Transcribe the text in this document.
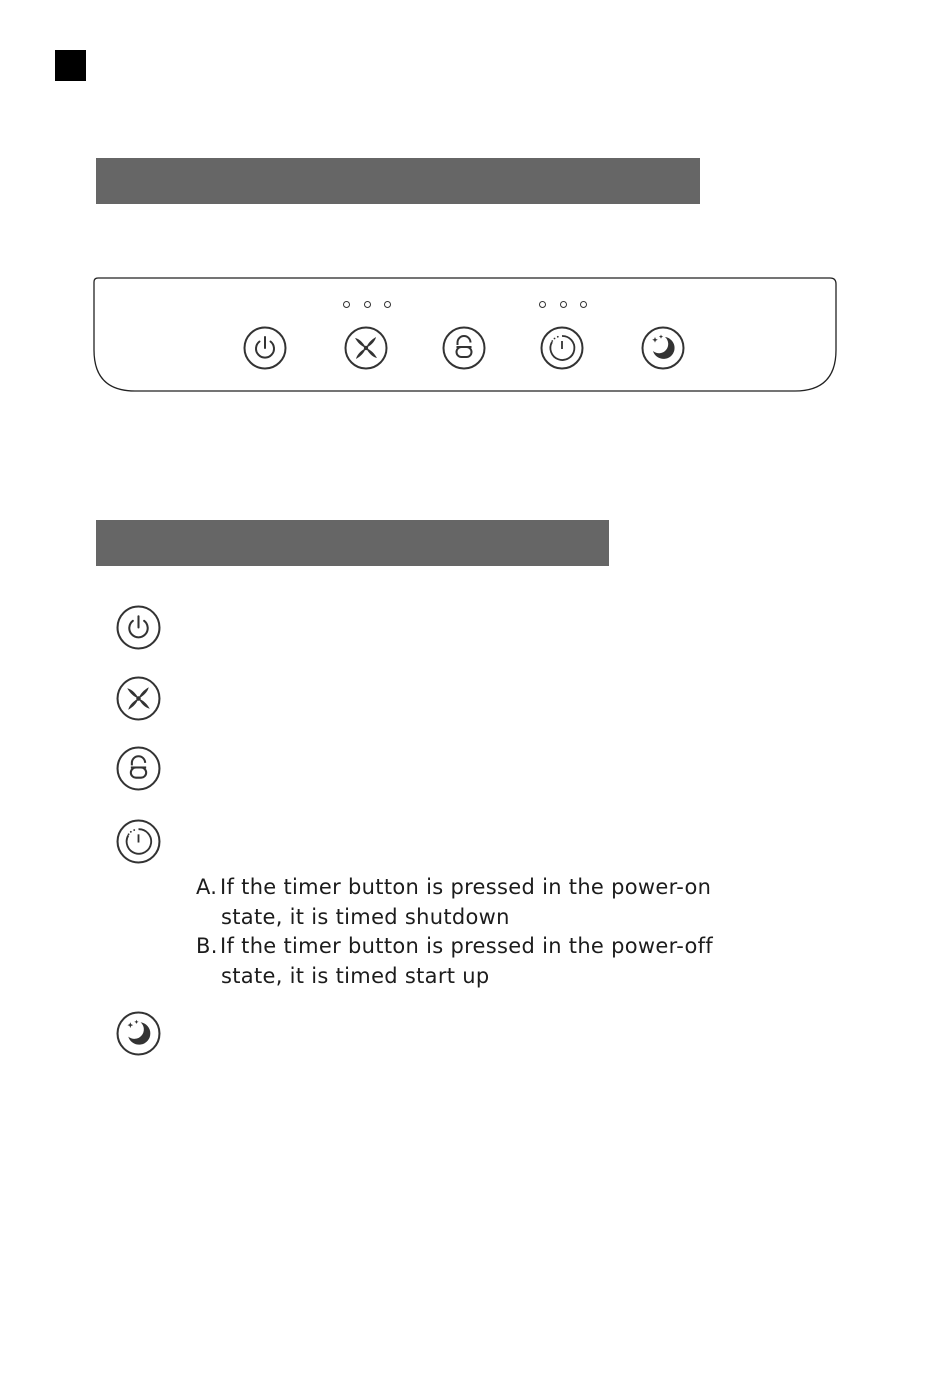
A. If the timer button is pressed in the power-on
state, it is timed shutdown
B. If the timer button is pressed in the power-off
state, it is timed start up
